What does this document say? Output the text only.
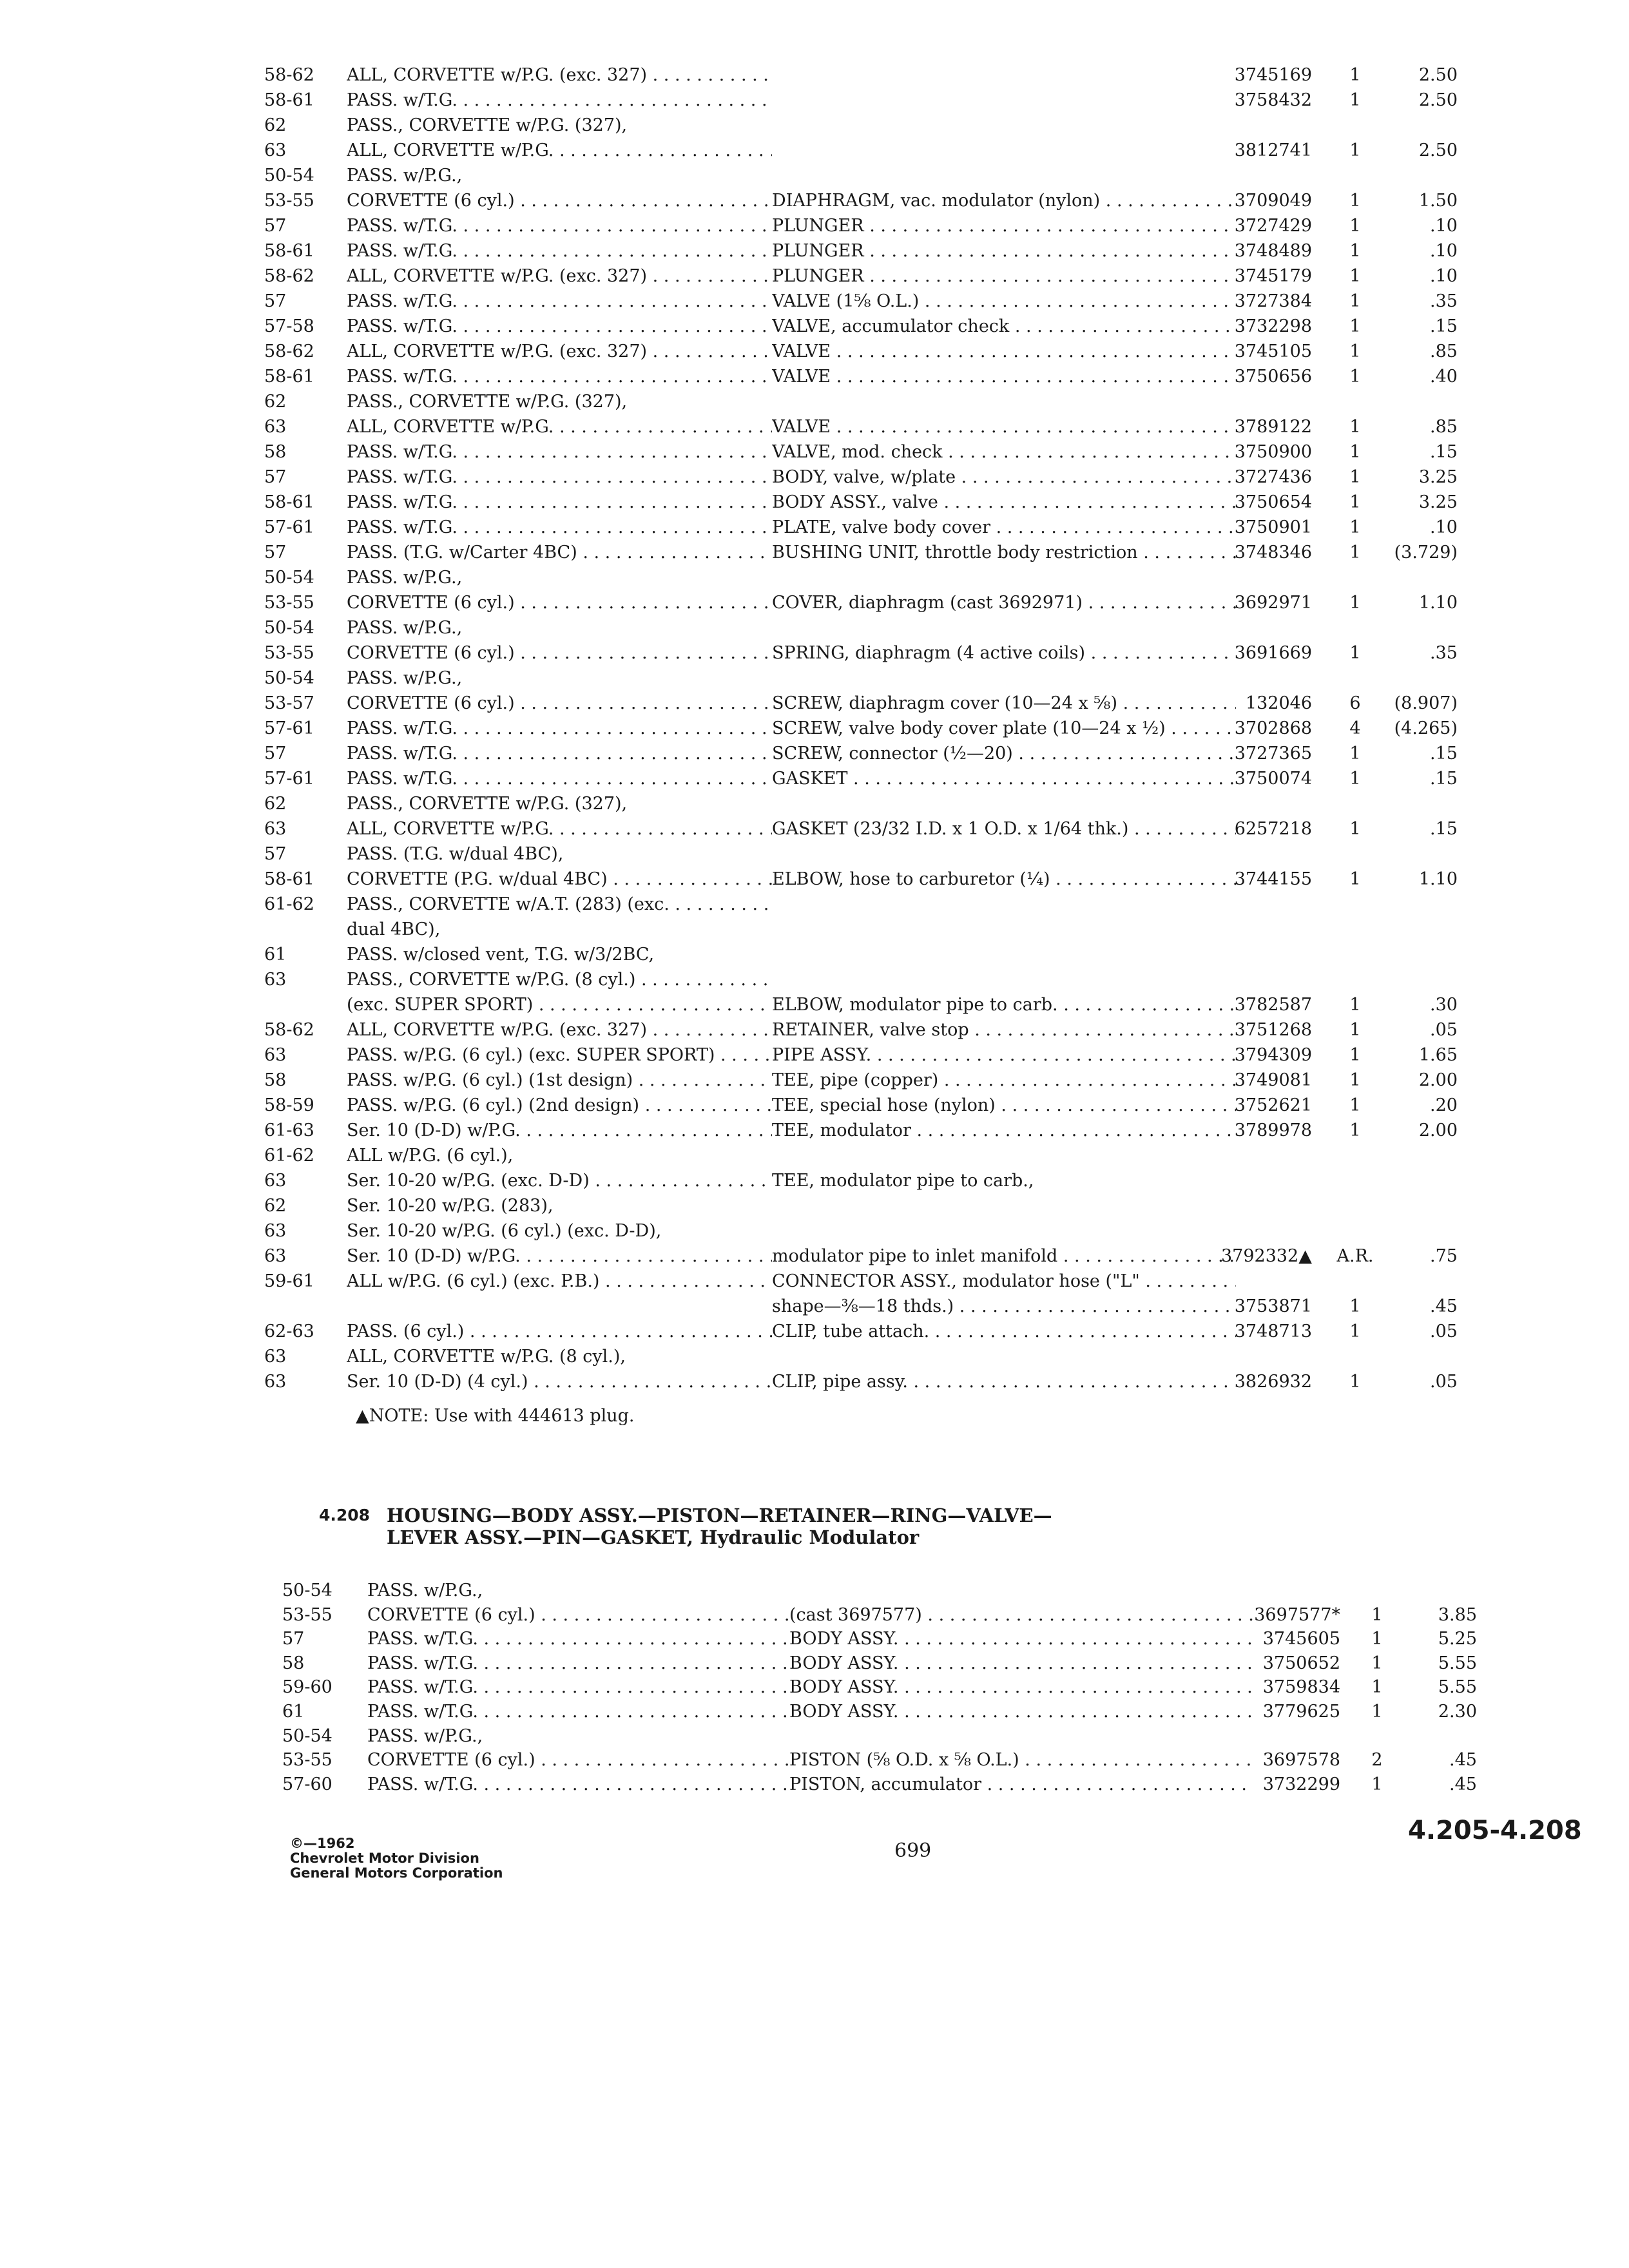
58-62	ALL, CORVETTE w/P.G. (exc. 327) . . .	3745169	1	2.50
58-61	PASS. w/T.G. . . .	3758432	1	2.50
62	PASS., CORVETTE w/P.G. (327),
63	ALL, CORVETTE w/P.G. . . .	3812741	1	2.50
50-54	PASS. w/P.G.,
53-55	CORVETTE (6 cyl.) . . .	DIAPHRAGM, vac. modulator (nylon) . . .	3709049	1	1.50
57	PASS. w/T.G. . . .	PLUNGER . . .	3727429	1	.10
58-61	PASS. w/T.G. . . .	PLUNGER . . .	3748489	1	.10
58-62	ALL, CORVETTE w/P.G. (exc. 327) . . .	PLUNGER . . .	3745179	1	.10
57	PASS. w/T.G. . . .	VALVE (1⅝ O.L.) . . .	3727384	1	.35
57-58	PASS. w/T.G. . . .	VALVE, accumulator check . . .	3732298	1	.15
58-62	ALL, CORVETTE w/P.G. (exc. 327) . . .	VALVE . . .	3745105	1	.85
58-61	PASS. w/T.G. . . .	VALVE . . .	3750656	1	.40
62	PASS., CORVETTE w/P.G. (327),
63	ALL, CORVETTE w/P.G. . . .	VALVE . . .	3789122	1	.85
58	PASS. w/T.G. . . .	VALVE, mod. check . . .	3750900	1	.15
57	PASS. w/T.G. . . .	BODY, valve, w/plate . . .	3727436	1	3.25
58-61	PASS. w/T.G. . . .	BODY ASSY., valve . . .	3750654	1	3.25
57-61	PASS. w/T.G. . . .	PLATE, valve body cover . . .	3750901	1	.10
57	PASS. (T.G. w/Carter 4BC) . . .	BUSHING UNIT, throttle body restriction . . .	3748346	1	(3.729)
50-54	PASS. w/P.G.,
53-55	CORVETTE (6 cyl.) . . .	COVER, diaphragm (cast 3692971) . . .	3692971	1	1.10
50-54	PASS. w/P.G.,
53-55	CORVETTE (6 cyl.) . . .	SPRING, diaphragm (4 active coils) . . .	3691669	1	.35
50-54	PASS. w/P.G.,
53-57	CORVETTE (6 cyl.) . . .	SCREW, diaphragm cover (10—24 x ⅝) . . .	132046	6	(8.907)
57-61	PASS. w/T.G. . . .	SCREW, valve body cover plate (10—24 x ½) . . .	3702868	4	(4.265)
57	PASS. w/T.G. . . .	SCREW, connector (½—20) . . .	3727365	1	.15
57-61	PASS. w/T.G. . . .	GASKET . . .	3750074	1	.15
62	PASS., CORVETTE w/P.G. (327),
63	ALL, CORVETTE w/P.G. . . .	GASKET (23/32 I.D. x 1 O.D. x 1/64 thk.) . . .	6257218	1	.15
57	PASS. (T.G. w/dual 4BC),
58-61	CORVETTE (P.G. w/dual 4BC) . . .	ELBOW, hose to carburetor (¼) . . .	3744155	1	1.10
61-62	PASS., CORVETTE w/A.T. (283) (exc. . . .
dual 4BC),
61	PASS. w/closed vent, T.G. w/3/2BC,
63	PASS., CORVETTE w/P.G. (8 cyl.) . . .
(exc. SUPER SPORT) . . .	ELBOW, modulator pipe to carb. . . .	3782587	1	.30
58-62	ALL, CORVETTE w/P.G. (exc. 327) . . .	RETAINER, valve stop . . .	3751268	1	.05
63	PASS. w/P.G. (6 cyl.) (exc. SUPER SPORT) . . .	PIPE ASSY. . . .	3794309	1	1.65
58	PASS. w/P.G. (6 cyl.) (1st design) . . .	TEE, pipe (copper) . . .	3749081	1	2.00
58-59	PASS. w/P.G. (6 cyl.) (2nd design) . . .	TEE, special hose (nylon) . . .	3752621	1	.20
61-63	Ser. 10 (D-D) w/P.G. . . .	TEE, modulator . . .	3789978	1	2.00
61-62	ALL w/P.G. (6 cyl.),
63	Ser. 10-20 w/P.G. (exc. D-D) . . .	TEE, modulator pipe to carb.,
62	Ser. 10-20 w/P.G. (283),
63	Ser. 10-20 w/P.G. (6 cyl.) (exc. D-D),
63	Ser. 10 (D-D) w/P.G. . . .	modulator pipe to inlet manifold . . .	3792332▲	A.R.	.75
59-61	ALL w/P.G. (6 cyl.) (exc. P.B.) . . .	CONNECTOR ASSY., modulator hose ("L" . . .
shape—⅜—18 thds.) . . .	3753871	1	.45
62-63	PASS. (6 cyl.) . . .	CLIP, tube attach. . . .	3748713	1	.05
63	ALL, CORVETTE w/P.G. (8 cyl.),
63	Ser. 10 (D-D) (4 cyl.) . . .	CLIP, pipe assy. . . .	3826932	1	.05
▲NOTE: Use with 444613 plug.
4.208 HOUSING—BODY ASSY.—PISTON—RETAINER—RING—VALVE—
LEVER ASSY.—PIN—GASKET, Hydraulic Modulator
50-54	PASS. w/P.G.,
53-55	CORVETTE (6 cyl.) . . .	(cast 3697577) . . .	3697577*	1	3.85
57	PASS. w/T.G. . . .	BODY ASSY. . . .	3745605	1	5.25
58	PASS. w/T.G. . . .	BODY ASSY. . . .	3750652	1	5.55
59-60	PASS. w/T.G. . . .	BODY ASSY. . . .	3759834	1	5.55
61	PASS. w/T.G. . . .	BODY ASSY. . . .	3779625	1	2.30
50-54	PASS. w/P.G.,
53-55	CORVETTE (6 cyl.) . . .	PISTON (⅝ O.D. x ⅝ O.L.) . . .	3697578	2	.45
57-60	PASS. w/T.G. . . .	PISTON, accumulator . . .	3732299	1	.45
©—1962
Chevrolet Motor Division
General Motors Corporation
699
4.205-4.208
